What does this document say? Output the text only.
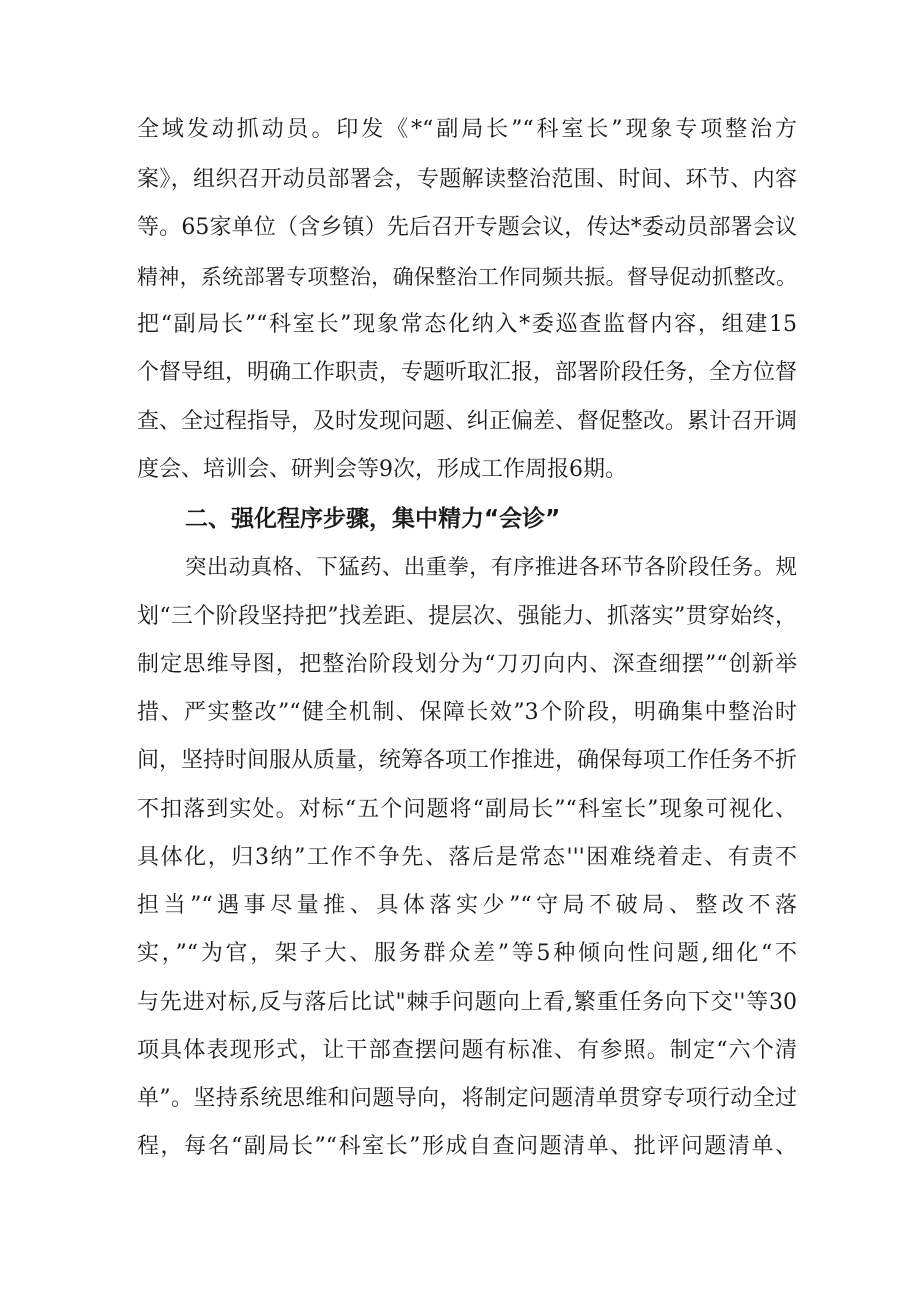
全域发动抓动员。印发《*“副局长”“科室长”现象专项整治方
案》，组织召开动员部署会，专题解读整治范围、时间、环节、内容
等。65家单位（含乡镇）先后召开专题会议，传达*委动员部署会议
精神，系统部署专项整治，确保整治工作同频共振。督导促动抓整改。
把“副局长”“科室长”现象常态化纳入*委巡查监督内容，组建15
个督导组，明确工作职责，专题听取汇报，部署阶段任务，全方位督
查、全过程指导，及时发现问题、纠正偏差、督促整改。累计召开调
度会、培训会、研判会等9次，形成工作周报6期。
二、强化程序步骤，集中精力“会诊”
突出动真格、下猛药、出重拳，有序推进各环节各阶段任务。规
划“三个阶段坚持把”找差距、提层次、强能力、抓落实”贯穿始终，
制定思维导图，把整治阶段划分为“刀刃向内、深查细摆”“创新举
措、严实整改”“健全机制、保障长效”3个阶段，明确集中整治时
间，坚持时间服从质量，统筹各项工作推进，确保每项工作任务不折
不扣落到实处。对标“五个问题将“副局长”“科室长”现象可视化、
具体化，归3纳”工作不争先、落后是常态'''困难绕着走、有责不
担当”“遇事尽量推、具体落实少”“守局不破局、整改不落
实，”“为官，架子大、服务群众差”等5种倾向性问题,细化“不
与先进对标,反与落后比试"棘手问题向上看,繁重任务向下交''等30
项具体表现形式，让干部查摆问题有标准、有参照。制定“六个清
单”。坚持系统思维和问题导向，将制定问题清单贯穿专项行动全过
程，每名“副局长”“科室长”形成自查问题清单、批评问题清单、
